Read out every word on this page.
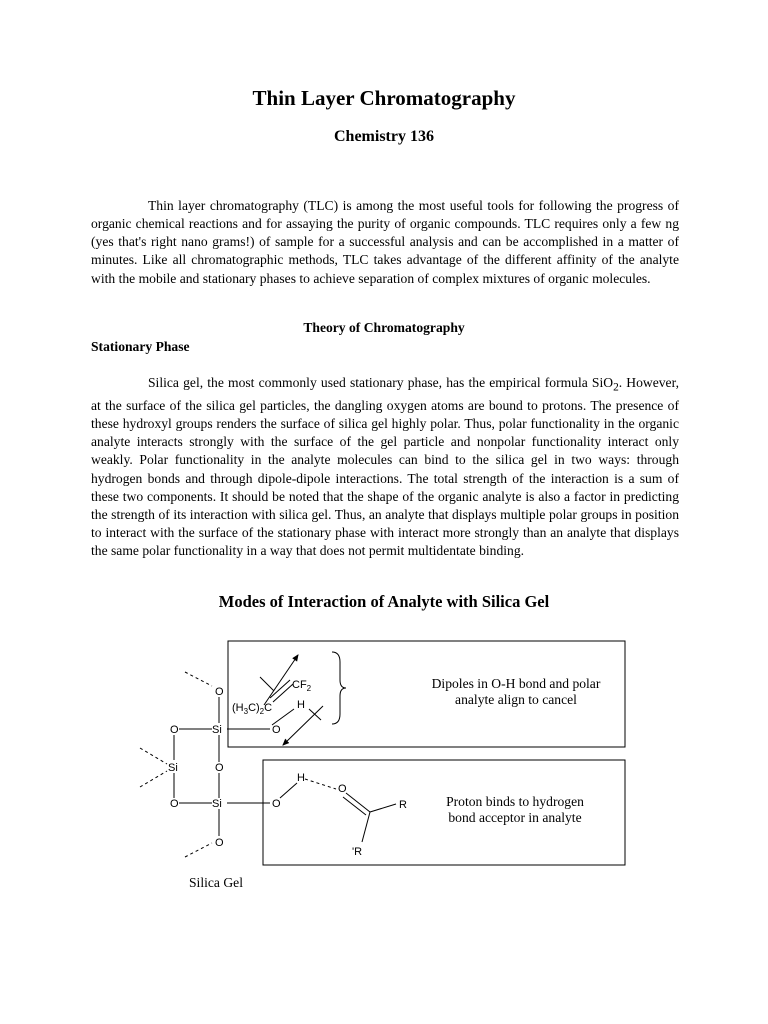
Thin Layer Chromatography
Chemistry 136
Thin layer chromatography (TLC) is among the most useful tools for following the progress of organic chemical reactions and for assaying the purity of organic compounds. TLC requires only a few ng (yes that's right nano grams!) of sample for a successful analysis and can be accomplished in a matter of minutes. Like all chromatographic methods, TLC takes advantage of the different affinity of the analyte with the mobile and stationary phases to achieve separation of complex mixtures of organic molecules.
Theory of Chromatography
Stationary Phase
Silica gel, the most commonly used stationary phase, has the empirical formula SiO$_2$. However, at the surface of the silica gel particles, the dangling oxygen atoms are bound to protons. The presence of these hydroxyl groups renders the surface of silica gel highly polar. Thus, polar functionality in the organic analyte interacts strongly with the surface of the gel particle and nonpolar functionality interact only weakly. Polar functionality in the analyte molecules can bind to the silica gel in two ways: through hydrogen bonds and through dipole-dipole interactions. The total strength of the interaction is a sum of these two components. It should be noted that the shape of the organic analyte is also a factor in predicting the strength of its interaction with silica gel. Thus, an analyte that displays multiple polar groups in position to interact with the surface of the stationary phase with interact more strongly than an analyte that displays the same polar functionality in a way that does not permit multidentate binding.
Modes of Interaction of Analyte with Silica Gel
O
O	Si	O
O
Si
O	Si	O
O
H
H
O
R
'R
$CF_2$
$(H_3C)_2C$
Dipoles in O-H bond and polar
analyte align to cancel
Proton binds to hydrogen
bond acceptor in analyte
Silica Gel
